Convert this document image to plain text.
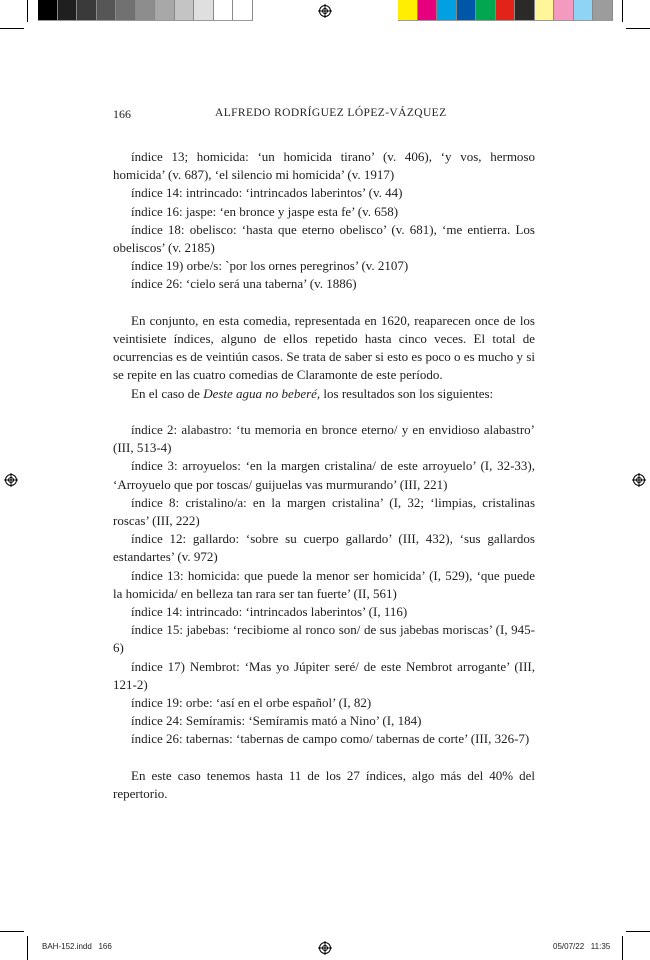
166	ALFREDO RODRÍGUEZ LÓPEZ-VÁZQUEZ

índice 13; homicida: ‘un homicida tirano’ (v. 406), ‘y vos, hermoso homicida’ (v. 687), ‘el silencio mi homicida’ (v. 1917)

índice 14: intrincado: ‘intrincados laberintos’ (v. 44)

índice 16: jaspe: ‘en bronce y jaspe esta fe’ (v. 658)

índice 18: obelisco: ‘hasta que eterno obelisco’ (v. 681), ‘me entierra. Los obeliscos’ (v. 2185)

índice 19) orbe/s: `por los ornes peregrinos’ (v. 2107)

índice 26: ‘cielo será una taberna’ (v. 1886)

En conjunto, en esta comedia, representada en 1620, reaparecen once de los veintisiete índices, alguno de ellos repetido hasta cinco veces. El total de ocurrencias es de veintiún casos. Se trata de saber si esto es poco o es mucho y si se repite en las cuatro comedias de Claramonte de este período.

En el caso de Deste agua no beberé, los resultados son los siguientes:

índice 2: alabastro: ‘tu memoria en bronce eterno/ y en envidioso alabastro’ (III, 513-4)

índice 3: arroyuelos: ‘en la margen cristalina/ de este arroyuelo’ (I, 32-33), ‘Arroyuelo que por toscas/ guijuelas vas murmurando’ (III, 221)

índice 8: cristalino/a: en la margen cristalina’ (I, 32; ‘limpias, cristalinas roscas’ (III, 222)

índice 12: gallardo: ‘sobre su cuerpo gallardo’ (III, 432), ‘sus gallardos estandartes’ (v. 972)

índice 13: homicida: que puede la menor ser homicida’ (I, 529), ‘que puede la homicida/ en belleza tan rara ser tan fuerte’ (II, 561)

índice 14: intrincado: ‘intrincados laberintos’ (I, 116)

índice 15: jabebas: ‘recibiome al ronco son/ de sus jabebas moriscas’ (I, 945-6)

índice 17) Nembrot: ‘Mas yo Júpiter seré/ de este Nembrot arrogante’ (III, 121-2)

índice 19: orbe: ‘así en el orbe español’ (I, 82)

índice 24: Semíramis: ‘Semíramis mató a Nino’ (I, 184)

índice 26: tabernas: ‘tabernas de campo como/ tabernas de corte’ (III, 326-7)

En este caso tenemos hasta 11 de los 27 índices, algo más del 40% del repertorio.

BAH-152.indd   166	05/07/22   11:35
